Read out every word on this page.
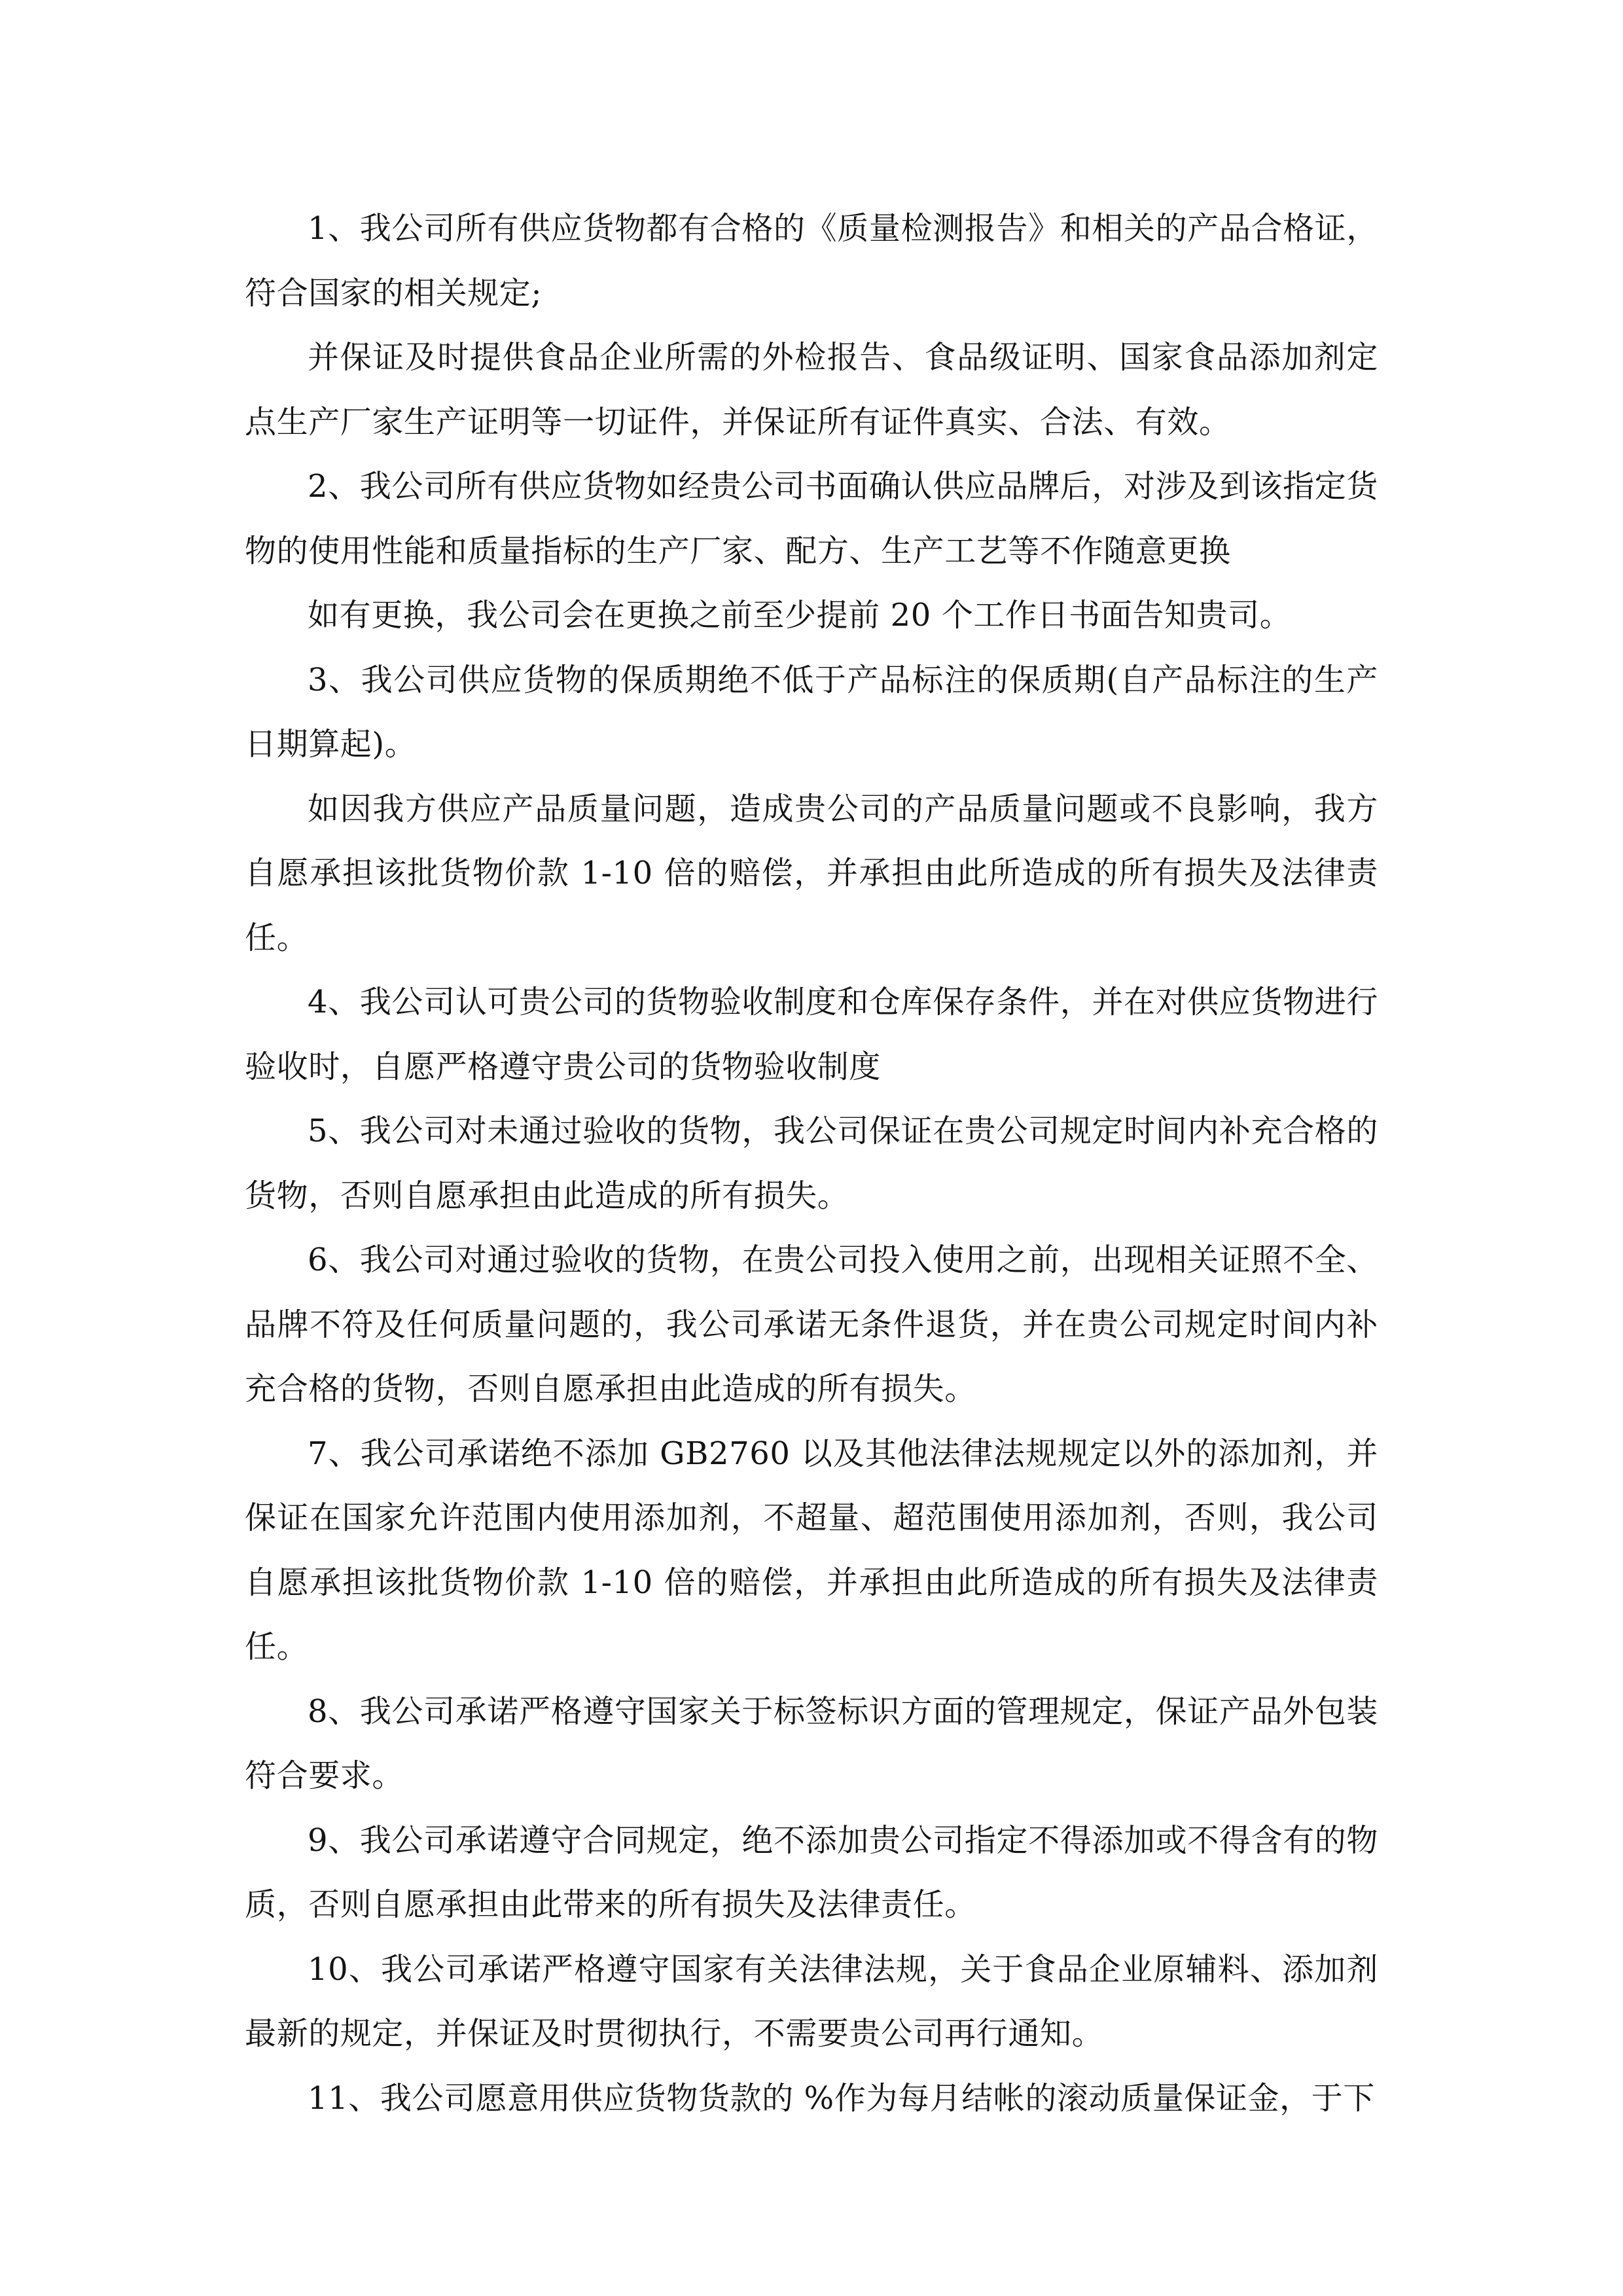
1、我公司所有供应货物都有合格的《质量检测报告》和相关的产品合格证，符合国家的相关规定;

并保证及时提供食品企业所需的外检报告、食品级证明、国家食品添加剂定点生产厂家生产证明等一切证件，并保证所有证件真实、合法、有效。

2、我公司所有供应货物如经贵公司书面确认供应品牌后，对涉及到该指定货物的使用性能和质量指标的生产厂家、配方、生产工艺等不作随意更换

如有更换，我公司会在更换之前至少提前 20 个工作日书面告知贵司。

3、我公司供应货物的保质期绝不低于产品标注的保质期(自产品标注的生产日期算起)。

如因我方供应产品质量问题，造成贵公司的产品质量问题或不良影响，我方自愿承担该批货物价款 1-10 倍的赔偿，并承担由此所造成的所有损失及法律责任。

4、我公司认可贵公司的货物验收制度和仓库保存条件，并在对供应货物进行验收时，自愿严格遵守贵公司的货物验收制度

5、我公司对未通过验收的货物，我公司保证在贵公司规定时间内补充合格的货物，否则自愿承担由此造成的所有损失。

6、我公司对通过验收的货物，在贵公司投入使用之前，出现相关证照不全、品牌不符及任何质量问题的，我公司承诺无条件退货，并在贵公司规定时间内补充合格的货物，否则自愿承担由此造成的所有损失。

7、我公司承诺绝不添加 GB2760 以及其他法律法规规定以外的添加剂，并保证在国家允许范围内使用添加剂，不超量、超范围使用添加剂，否则，我公司自愿承担该批货物价款 1-10 倍的赔偿，并承担由此所造成的所有损失及法律责任。

8、我公司承诺严格遵守国家关于标签标识方面的管理规定，保证产品外包装符合要求。

9、我公司承诺遵守合同规定，绝不添加贵公司指定不得添加或不得含有的物质，否则自愿承担由此带来的所有损失及法律责任。

10、我公司承诺严格遵守国家有关法律法规，关于食品企业原辅料、添加剂最新的规定，并保证及时贯彻执行，不需要贵公司再行通知。

11、我公司愿意用供应货物货款的 %作为每月结帐的滚动质量保证金，于下
